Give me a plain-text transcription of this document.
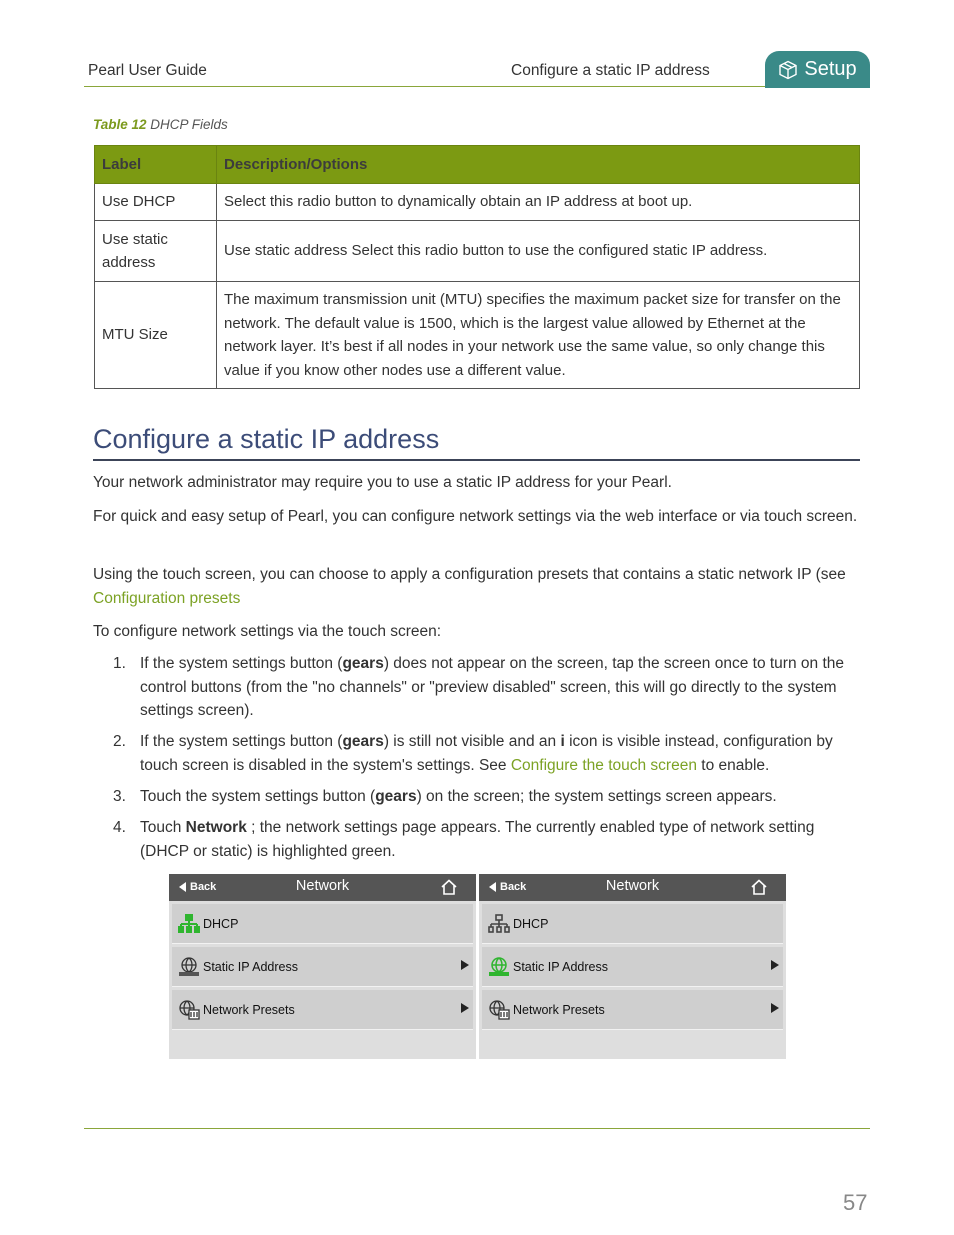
Pearl User Guide	Configure a static IP address	Setup
Table 12 DHCP Fields
Label	Description/Options
Use DHCP	Select this radio button to dynamically obtain an IP address at boot up.
Use static address	Use static address Select this radio button to use the configured static IP address.
MTU Size	The maximum transmission unit (MTU) specifies the maximum packet size for transfer on the network. The default value is 1500, which is the largest value allowed by Ethernet at the network layer. It’s best if all nodes in your network use the same value, so only change this value if you know other nodes use a different value.
Configure a static IP address
Your network administrator may require you to use a static IP address for your Pearl.
For quick and easy setup of Pearl, you can configure network settings via the web interface or via touch screen.
Using the touch screen, you can choose to apply a configuration presets that contains a static network IP (see Configuration presets
To configure network settings via the touch screen:
1. If the system settings button (gears) does not appear on the screen, tap the screen once to turn on the control buttons (from the "no channels" or "preview disabled" screen, this will go directly to the system settings screen).
2. If the system settings button (gears) is still not visible and an i icon is visible instead, configuration by touch screen is disabled in the system's settings. See Configure the touch screen to enable.
3. Touch the system settings button (gears) on the screen; the system settings screen appears.
4. Touch Network ; the network settings page appears. The currently enabled type of network setting (DHCP or static) is highlighted green.
Back	Network
DHCP
Static IP Address
Network Presets
Back	Network
DHCP
Static IP Address
Network Presets
57
